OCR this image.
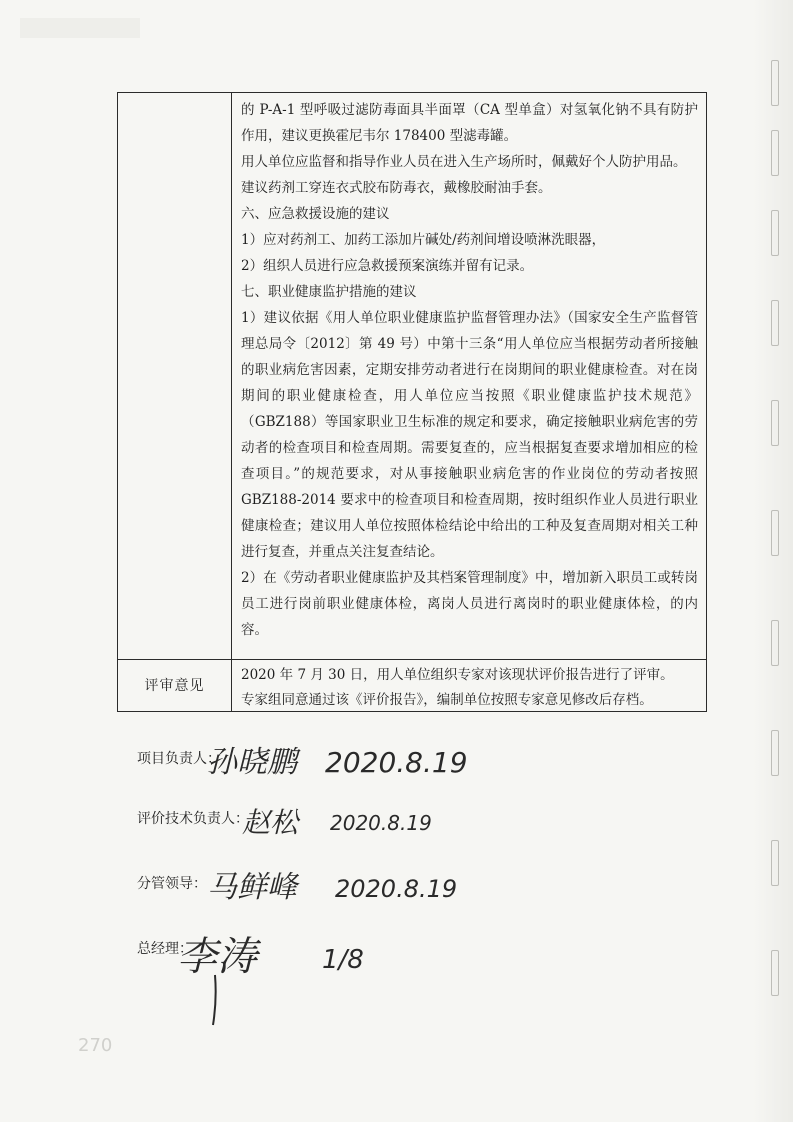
的 P-A-1 型呼吸过滤防毒面具半面罩（CA 型单盒）对氢氧化钠不具有防护作用，建议更换霍尼韦尔 178400 型滤毒罐。

用人单位应监督和指导作业人员在进入生产场所时，佩戴好个人防护用品。

建议药剂工穿连衣式胶布防毒衣，戴橡胶耐油手套。

六、应急救援设施的建议

1）应对药剂工、加药工添加片碱处/药剂间增设喷淋洗眼器，

2）组织人员进行应急救援预案演练并留有记录。

七、职业健康监护措施的建议

1）建议依据《用人单位职业健康监护监督管理办法》（国家安全生产监督管理总局令〔2012〕第 49 号）中第十三条“用人单位应当根据劳动者所接触的职业病危害因素，定期安排劳动者进行在岗期间的职业健康检查。对在岗期间的职业健康检查，用人单位应当按照《职业健康监护技术规范》（GBZ188）等国家职业卫生标准的规定和要求，确定接触职业病危害的劳动者的检查项目和检查周期。需要复查的，应当根据复查要求增加相应的检查项目。”的规范要求，对从事接触职业病危害的作业岗位的劳动者按照 GBZ188-2014 要求中的检查项目和检查周期，按时组织作业人员进行职业健康检查；建议用人单位按照体检结论中给出的工种及复查周期对相关工种进行复查，并重点关注复查结论。

2）在《劳动者职业健康监护及其档案管理制度》中，增加新入职员工或转岗员工进行岗前职业健康体检，离岗人员进行离岗时的职业健康体检，的内容。

评审意见

2020 年 7 月 30 日，用人单位组织专家对该现状评价报告进行了评审。

专家组同意通过该《评价报告》，编制单位按照专家意见修改后存档。

项目负责人：
孙晓鹏 2020.8.19
评价技术负责人：
赵松 2020.8.19
分管领导： 马鲜峰 2020.8.19
总经理：
李涛	1/8
270
